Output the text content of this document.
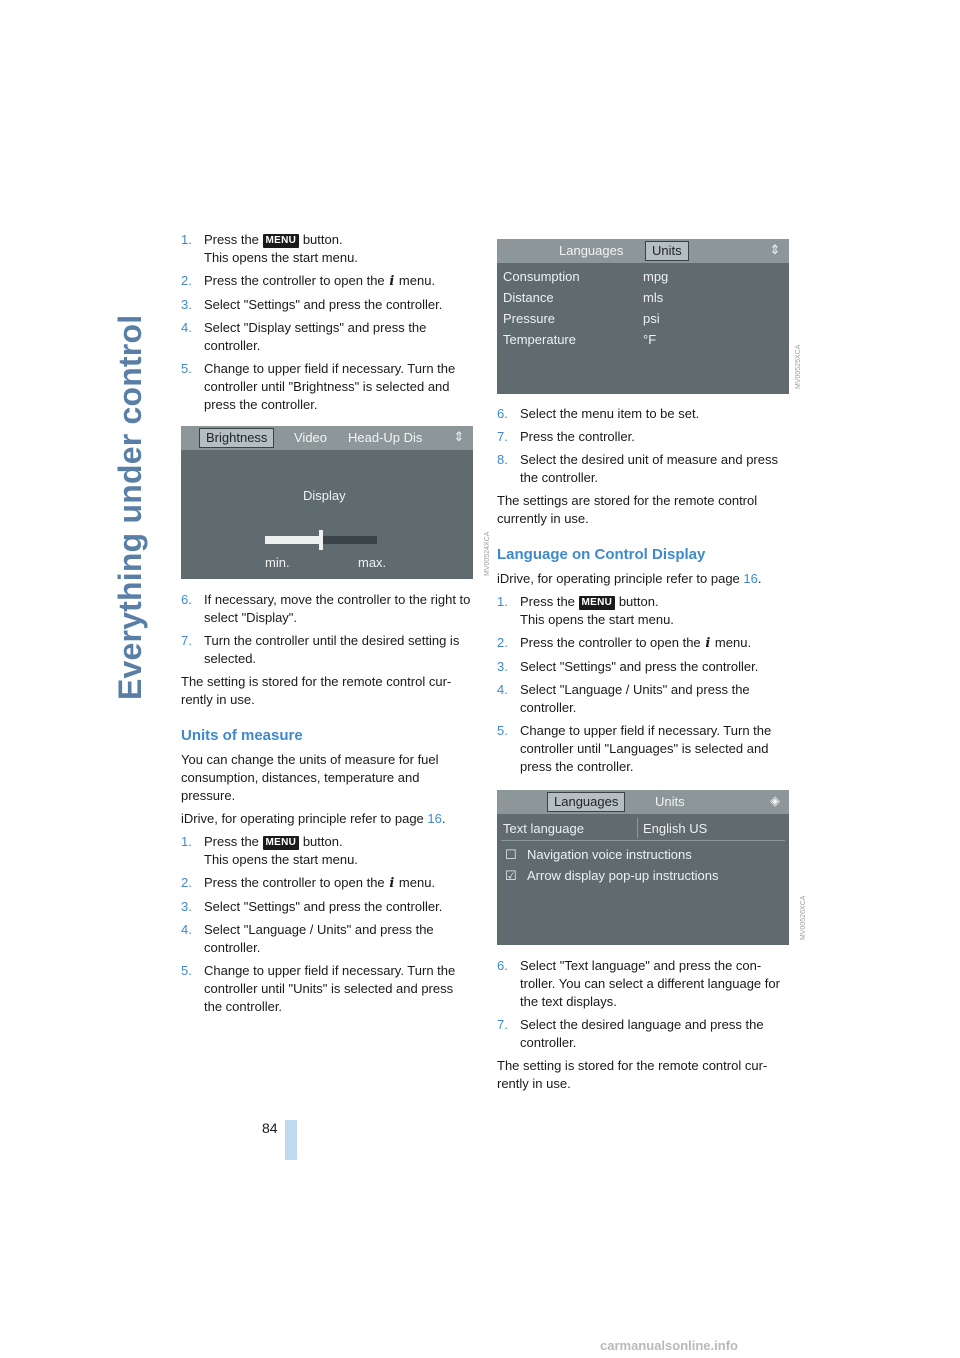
Everything under control
1. Press the MENU button.
This opens the start menu.
2. Press the controller to open the i menu.
3. Select "Settings" and press the controller.
4. Select "Display settings" and press the controller.
5. Change to upper field if necessary. Turn the controller until "Brightness" is selected and press the controller.
Brightness	Video Head-Up Dis ⇕
Display
min.	max.	MV00524XCA
6. If necessary, move the controller to the right to select "Display".
7. Turn the controller until the desired setting is selected.

The setting is stored for the remote control cur-rently in use.

Units of measure

You can change the units of measure for fuel consumption, distances, temperature and pressure.

iDrive, for operating principle refer to page 16.

1. Press the MENU button.
This opens the start menu.
2. Press the controller to open the i menu.
3. Select "Settings" and press the controller.
4. Select "Language / Units" and press the controller.
5. Change to upper field if necessary. Turn the controller until "Units" is selected and press the controller.
Languages	Units	⇕
Consumption	mpg
Distance	mls
Pressure	psi
Temperature	°F
MV00525XCA
6. Select the menu item to be set.
7. Press the controller.
8. Select the desired unit of measure and press the controller.

The settings are stored for the remote control currently in use.

Language on Control Display

iDrive, for operating principle refer to page 16.

1. Press the MENU button.
This opens the start menu.
2. Press the controller to open the i menu.
3. Select "Settings" and press the controller.
4. Select "Language / Units" and press the controller.
5. Change to upper field if necessary. Turn the controller until "Languages" is selected and press the controller.
Languages	Units	◈
Text language	English US
☐ Navigation voice instructions
☑ Arrow display pop-up instructions
MV00526XCA
6. Select "Text language" and press the con-troller. You can select a different language for the text displays.
7. Select the desired language and press the controller.

The setting is stored for the remote control cur-rently in use.

84
carmanualsonline.info
